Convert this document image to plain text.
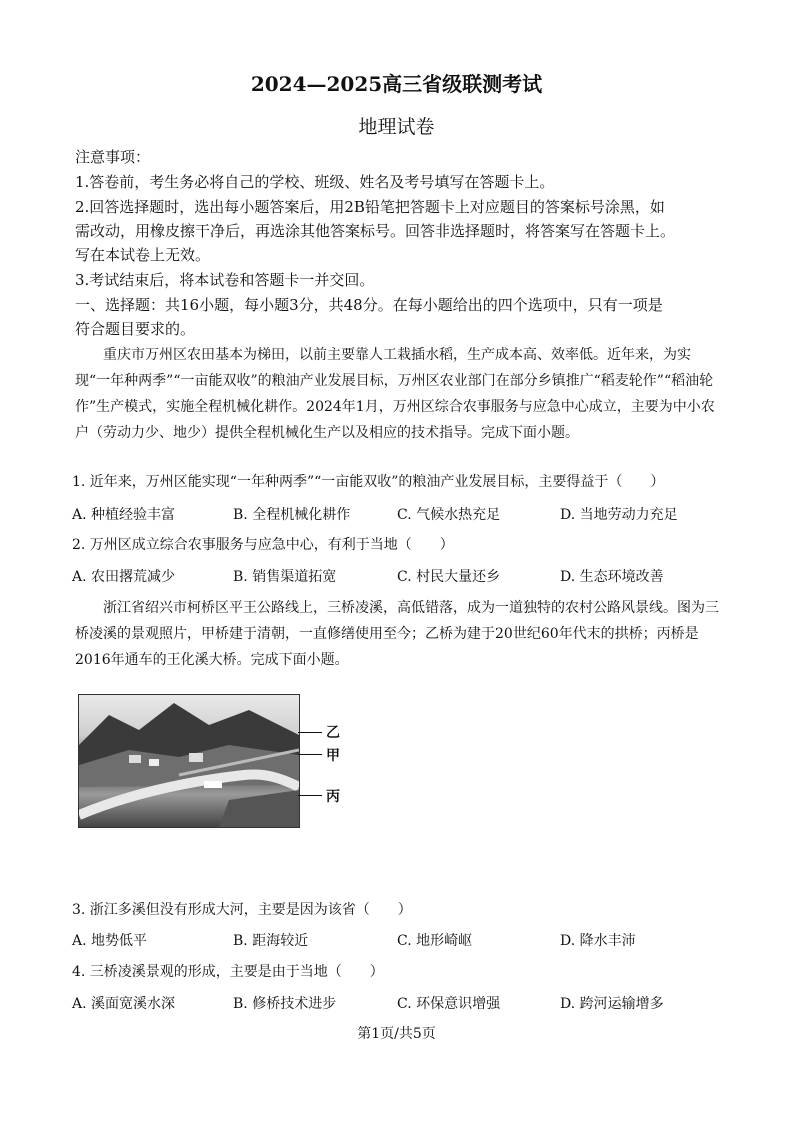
2024—2025高三省级联测考试
地理试卷
注意事项：
1.答卷前，考生务必将自己的学校、班级、姓名及考号填写在答题卡上。
2.回答选择题时，选出每小题答案后，用2B铅笔把答题卡上对应题目的答案标号涂黑，如
需改动，用橡皮擦干净后，再选涂其他答案标号。回答非选择题时，将答案写在答题卡上。
写在本试卷上无效。
3.考试结束后，将本试卷和答题卡一并交回。
一、选择题：共16小题，每小题3分，共48分。在每小题给出的四个选项中，只有一项是
符合题目要求的。
重庆市万州区农田基本为梯田，以前主要靠人工栽插水稻，生产成本高、效率低。近年来，为实现“一年种两季”“一亩能双收”的粮油产业发展目标，万州区农业部门在部分乡镇推广“稻麦轮作”“稻油轮作”生产模式，实施全程机械化耕作。2024年1月，万州区综合农事服务与应急中心成立，主要为中小农户（劳动力少、地少）提供全程机械化生产以及相应的技术指导。完成下面小题。
1. 近年来，万州区能实现“一年种两季”“一亩能双收”的粮油产业发展目标，主要得益于（　　）
A. 种植经验丰富	B. 全程机械化耕作	C. 气候水热充足	D. 当地劳动力充足
2. 万州区成立综合农事服务与应急中心，有利于当地（　　）
A. 农田撂荒减少	B. 销售渠道拓宽	C. 村民大量还乡	D. 生态环境改善
浙江省绍兴市柯桥区平王公路线上，三桥凌溪，高低错落，成为一道独特的农村公路风景线。图为三桥凌溪的景观照片，甲桥建于清朝，一直修缮使用至今；乙桥为建于20世纪60年代末的拱桥；丙桥是2016年通车的王化溪大桥。完成下面小题。
乙
甲
丙
3. 浙江多溪但没有形成大河，主要是因为该省（　　）
A. 地势低平	B. 距海较近	C. 地形崎岖	D. 降水丰沛
4. 三桥凌溪景观的形成，主要是由于当地（　　）
A. 溪面宽溪水深	B. 修桥技术进步	C. 环保意识增强	D. 跨河运输增多
第1页/共5页
